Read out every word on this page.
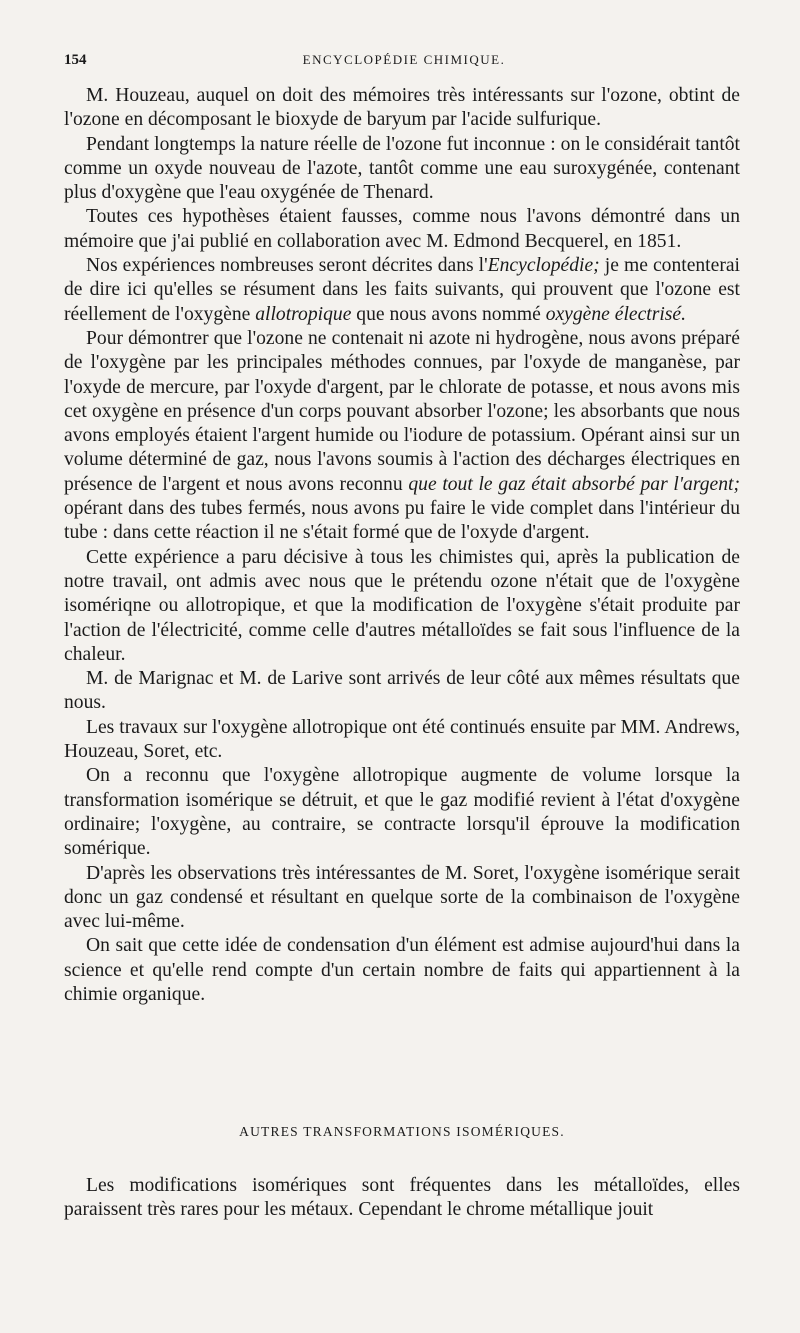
154	ENCYCLOPÉDIE CHIMIQUE.

M. Houzeau, auquel on doit des mémoires très intéressants sur l'ozone, obtint de l'ozone en décomposant le bioxyde de baryum par l'acide sulfurique.

Pendant longtemps la nature réelle de l'ozone fut inconnue : on le considérait tantôt comme un oxyde nouveau de l'azote, tantôt comme une eau suroxygénée, contenant plus d'oxygène que l'eau oxygénée de Thenard.

Toutes ces hypothèses étaient fausses, comme nous l'avons démontré dans un mémoire que j'ai publié en collaboration avec M. Edmond Becquerel, en 1851.

Nos expériences nombreuses seront décrites dans l'Encyclopédie; je me contenterai de dire ici qu'elles se résument dans les faits suivants, qui prouvent que l'ozone est réellement de l'oxygène allotropique que nous avons nommé oxygène électrisé.

Pour démontrer que l'ozone ne contenait ni azote ni hydrogène, nous avons préparé de l'oxygène par les principales méthodes connues, par l'oxyde de manganèse, par l'oxyde de mercure, par l'oxyde d'argent, par le chlorate de potasse, et nous avons mis cet oxygène en présence d'un corps pouvant absorber l'ozone; les absorbants que nous avons employés étaient l'argent humide ou l'iodure de potassium. Opérant ainsi sur un volume déterminé de gaz, nous l'avons soumis à l'action des décharges électriques en présence de l'argent et nous avons reconnu que tout le gaz était absorbé par l'argent; opérant dans des tubes fermés, nous avons pu faire le vide complet dans l'intérieur du tube : dans cette réaction il ne s'était formé que de l'oxyde d'argent.

Cette expérience a paru décisive à tous les chimistes qui, après la publication de notre travail, ont admis avec nous que le prétendu ozone n'était que de l'oxygène isomériqne ou allotropique, et que la modification de l'oxygène s'était produite par l'action de l'électricité, comme celle d'autres métalloïdes se fait sous l'influence de la chaleur.

M. de Marignac et M. de Larive sont arrivés de leur côté aux mêmes résultats que nous.

Les travaux sur l'oxygène allotropique ont été continués ensuite par MM. Andrews, Houzeau, Soret, etc.

On a reconnu que l'oxygène allotropique augmente de volume lorsque la transformation isomérique se détruit, et que le gaz modifié revient à l'état d'oxygène ordinaire; l'oxygène, au contraire, se contracte lorsqu'il éprouve la modification somérique.

D'après les observations très intéressantes de M. Soret, l'oxygène isomérique serait donc un gaz condensé et résultant en quelque sorte de la combinaison de l'oxygène avec lui-même.

On sait que cette idée de condensation d'un élément est admise aujourd'hui dans la science et qu'elle rend compte d'un certain nombre de faits qui appartiennent à la chimie organique.

AUTRES TRANSFORMATIONS ISOMÉRIQUES.

Les modifications isomériques sont fréquentes dans les métalloïdes, elles paraissent très rares pour les métaux. Cependant le chrome métallique jouit
